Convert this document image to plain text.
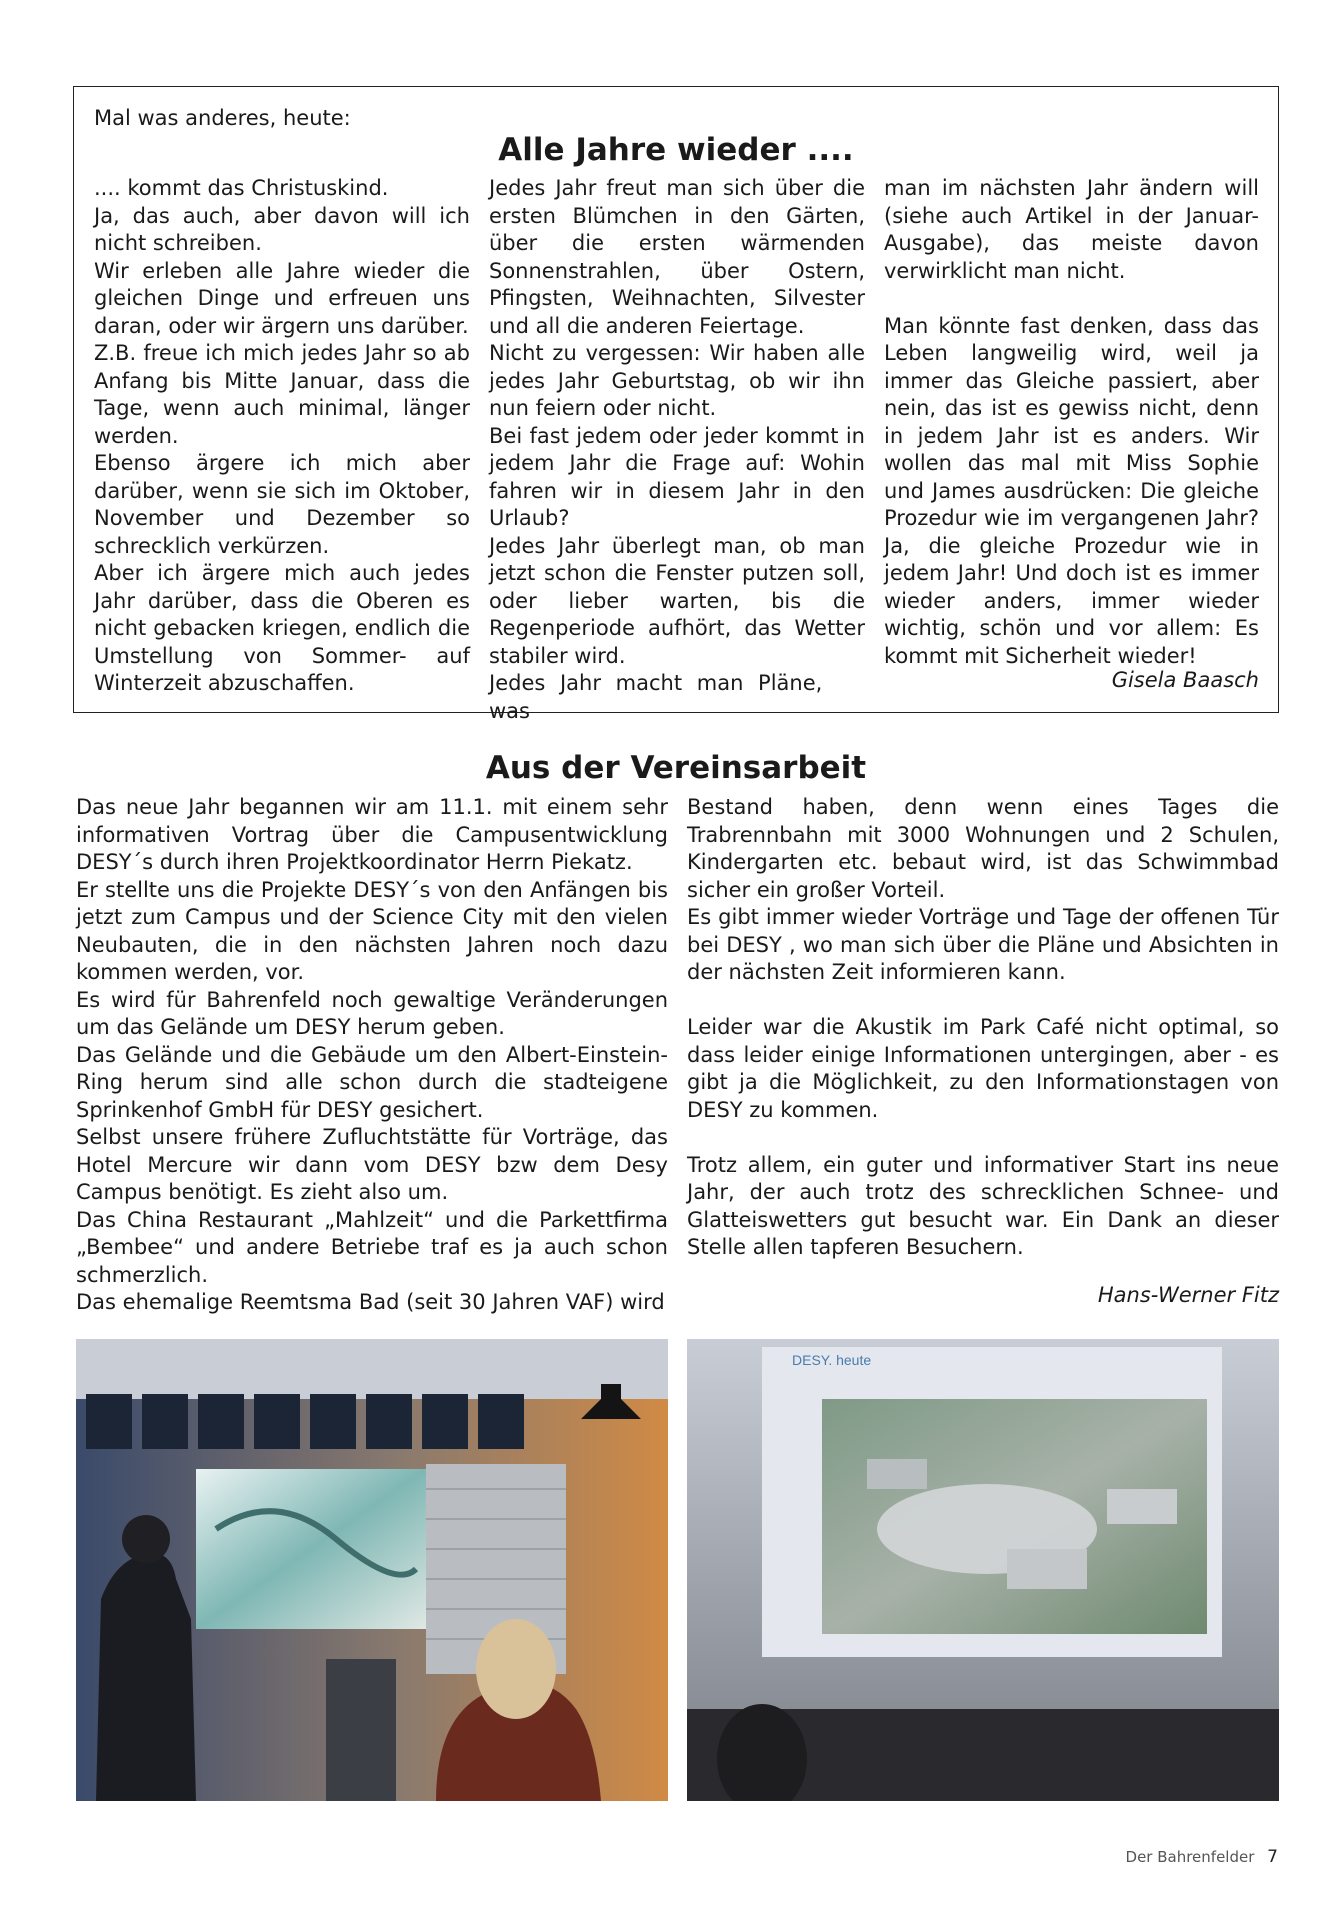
Mal was anderes, heute:
Alle Jahre wieder ....

.... kommt das Christuskind.

Ja, das auch, aber davon will ich nicht schreiben.

Wir erleben alle Jahre wieder die gleichen Dinge und erfreuen uns daran, oder wir ärgern uns darüber.

Z.B. freue ich mich jedes Jahr so ab Anfang bis Mitte Januar, dass die Tage, wenn auch minimal, länger werden.

Ebenso ärgere ich mich aber darüber, wenn sie sich im Oktober, November und Dezember so schrecklich verkürzen.

Aber ich ärgere mich auch jedes Jahr darüber, dass die Oberen es nicht gebacken kriegen, endlich die Umstellung von Sommer- auf Winterzeit abzuschaffen.

Jedes Jahr freut man sich über die ersten Blümchen in den Gärten, über die ersten wärmenden Sonnenstrahlen, über Ostern, Pfingsten, Weihnachten, Silvester und all die anderen Feiertage.

Nicht zu vergessen: Wir haben alle jedes Jahr Geburtstag, ob wir ihn nun feiern oder nicht.

Bei fast jedem oder jeder kommt in jedem Jahr die Frage auf: Wohin fahren wir in diesem Jahr in den Urlaub?

Jedes Jahr überlegt man, ob man jetzt schon die Fenster putzen soll, oder lieber warten, bis die Regenperiode aufhört, das Wetter stabiler wird.

Jedes Jahr macht man Pläne, was

man im nächsten Jahr ändern will (siehe auch Artikel in der Januar-Ausgabe), das meiste davon verwirklicht man nicht.

Man könnte fast denken, dass das Leben langweilig wird, weil ja immer das Gleiche passiert, aber nein, das ist es gewiss nicht, denn in jedem Jahr ist es anders. Wir wollen das mal mit Miss Sophie und James ausdrücken: Die gleiche Prozedur wie im vergangenen Jahr? Ja, die gleiche Prozedur wie in jedem Jahr! Und doch ist es immer wieder anders, immer wieder wichtig, schön und vor allem: Es kommt mit Sicherheit wieder!

Gisela Baasch
Aus der Vereinsarbeit

Das neue Jahr begannen wir am 11.1. mit einem sehr informativen Vortrag über die Campusentwicklung DESY´s durch ihren Projektkoordinator Herrn Piekatz.

Er stellte uns die Projekte DESY´s von den Anfängen bis jetzt zum Campus und der Science City mit den vielen Neubauten, die in den nächsten Jahren noch dazu kommen werden, vor.

Es wird für Bahrenfeld noch gewaltige Veränderungen um das Gelände um DESY herum geben.

Das Gelände und die Gebäude um den Albert-Einstein-Ring herum sind alle schon durch die stadteigene Sprinkenhof GmbH für DESY gesichert.

Selbst unsere frühere Zufluchtstätte für Vorträge, das Hotel Mercure wir dann vom DESY bzw dem Desy Campus benötigt. Es zieht also um.

Das China Restaurant „Mahlzeit“ und die Parkettfirma „Bembee“ und andere Betriebe traf es ja auch schon schmerzlich.

Das ehemalige Reemtsma Bad (seit 30 Jahren VAF) wird

Bestand haben, denn wenn eines Tages die Trabrennbahn mit 3000 Wohnungen und 2 Schulen, Kindergarten etc. bebaut wird, ist das Schwimmbad sicher ein großer Vorteil.

Es gibt immer wieder Vorträge und Tage der offenen Tür bei DESY , wo man sich über die Pläne und Absichten in der nächsten Zeit informieren kann.

Leider war die Akustik im Park Café nicht optimal, so dass leider einige Informationen untergingen, aber - es gibt ja die Möglichkeit, zu den Informationstagen von DESY zu kommen.

Trotz allem, ein guter und informativer Start ins neue Jahr, der auch trotz des schrecklichen Schnee- und Glatteiswetters gut besucht war. Ein Dank an dieser Stelle allen tapferen Besuchern.

Hans-Werner Fitz
DESY. heute
Der Bahrenfelder 7
